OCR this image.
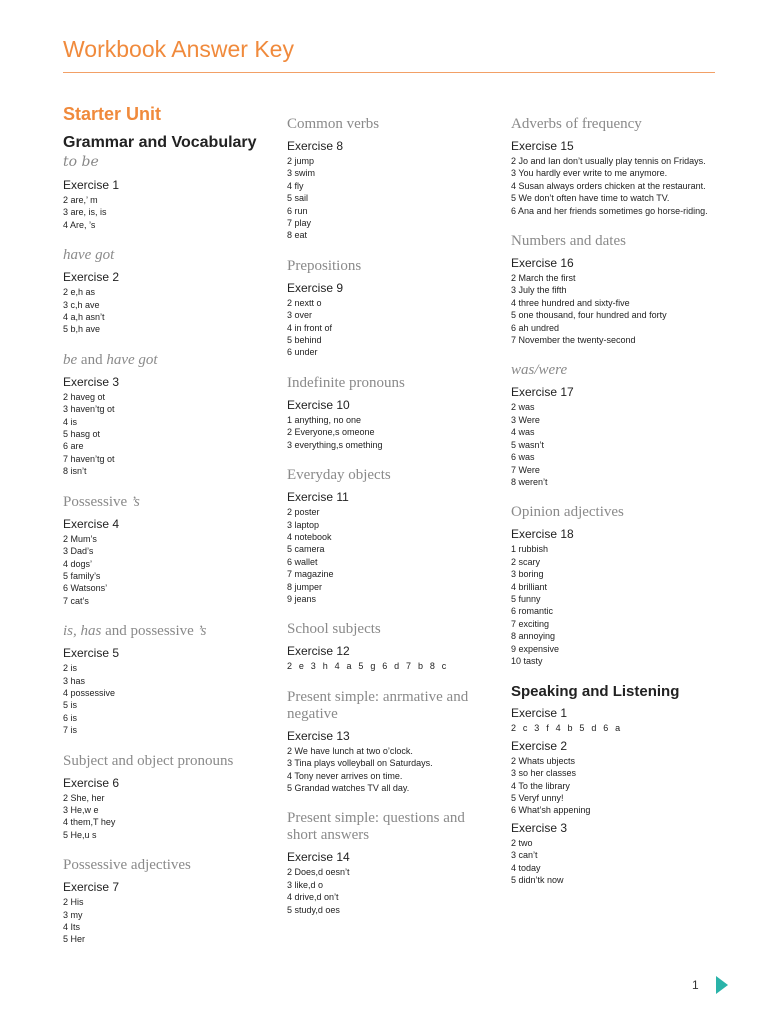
Workbook Answer Key
Starter Unit
Grammar and Vocabulary to be
Exercise 1
2 are,’ m
3 are, is, is
4 Are, ’s
have got
Exercise 2
2 e,h as
3 c,h ave
4 a,h asn’t
5 b,h ave
be and have got
Exercise 3
2 haveg ot
3 haven’tg ot
4 is
5 hasg ot
6 are
7 haven’tg ot
8 isn’t
Possessive ’s
Exercise 4
2 Mum’s
3 Dad’s
4 dogs’
5 family’s
6 Watsons’
7 cat’s
is, has and possessive ’s
Exercise 5
2 is
3 has
4 possessive
5 is
6 is
7 is
Subject and object pronouns
Exercise 6
2 She, her
3 He,w e
4 them,T hey
5 He,u s
Possessive adjectives
Exercise 7
2 His
3 my
4 Its
5 Her
Common verbs
Exercise 8
2 jump
3 swim
4 fly
5 sail
6 run
7 play
8 eat
Prepositions
Exercise 9
2 nextt o
3 over
4 in front of
5 behind
6 under
Indefinite pronouns
Exercise 10
1 anything, no one
2 Everyone,s omeone
3 everything,s omething
Everyday objects
Exercise 11
2 poster
3 laptop
4 notebook
5 camera
6 wallet
7 magazine
8 jumper
9 jeans
School subjects
Exercise 12
2 e 3 h 4 a 5 g 6 d 7 b 8 c
Present simple: anrmative and negative
Exercise 13
2 We have lunch at two o’clock.
3 Tina plays volleyball on Saturdays.
4 Tony never arrives on time.
5 Grandad watches TV all day.
Present simple: questions and short answers
Exercise 14
2 Does,d oesn’t
3 like,d o
4 drive,d on’t
5 study,d oes
Adverbs of frequency
Exercise 15
2 Jo and Ian don’t usually play tennis on Fridays.
3 You hardly ever write to me anymore.
4 Susan always orders chicken at the restaurant.
5 We don’t often have time to watch TV.
6 Ana and her friends sometimes go horse-riding.
Numbers and dates
Exercise 16
2 March the first
3 July the fifth
4 three hundred and sixty-five
5 one thousand, four hundred and forty
6 ah undred
7 November the twenty-second
was/were
Exercise 17
2 was
3 Were
4 was
5 wasn’t
6 was
7 Were
8 weren’t
Opinion adjectives
Exercise 18
1 rubbish
2 scary
3 boring
4 brilliant
5 funny
6 romantic
7 exciting
8 annoying
9 expensive
10 tasty
Speaking and Listening
Exercise 1
2 c 3 f 4 b 5 d 6 a
Exercise 2
2 Whats ubjects
3 so her classes
4 To the library
5 Veryf unny!
6 What’sh appening
Exercise 3
2 two
3 can’t
4 today
5 didn’tk now
1
